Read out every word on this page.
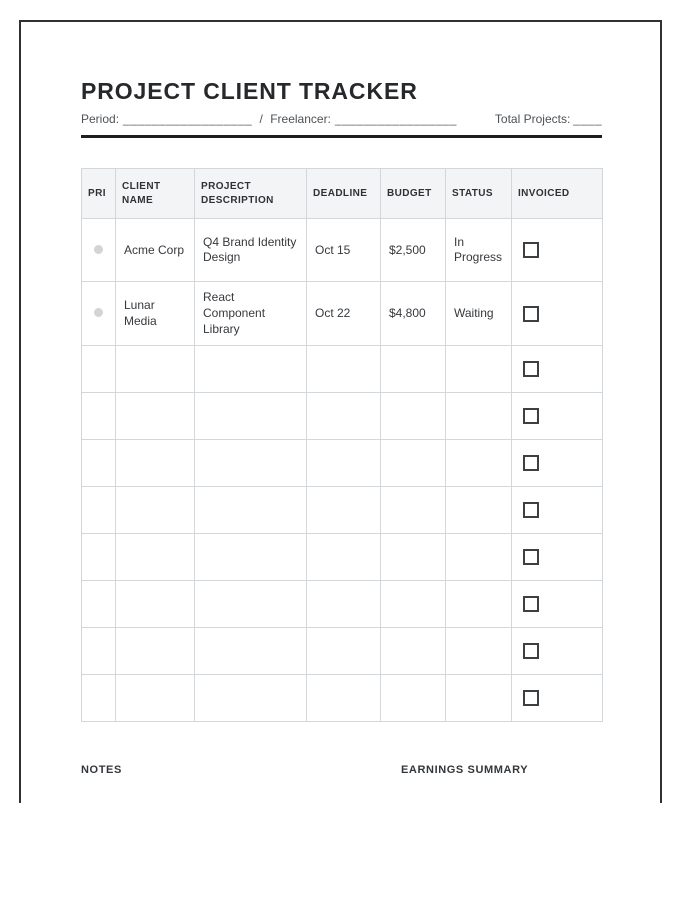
PROJECT CLIENT TRACKER
Period: __________________ / Freelancer: _________________	Total Projects: ____
PRI	CLIENT NAME	PROJECT DESCRIPTION	DEADLINE	BUDGET	STATUS	INVOICED
	Acme Corp	Q4 Brand Identity Design	Oct 15	$2,500	In Progress	

	Lunar Media	React Component Library	Oct 22	$4,800	Waiting	

NOTES	EARNINGS SUMMARY
